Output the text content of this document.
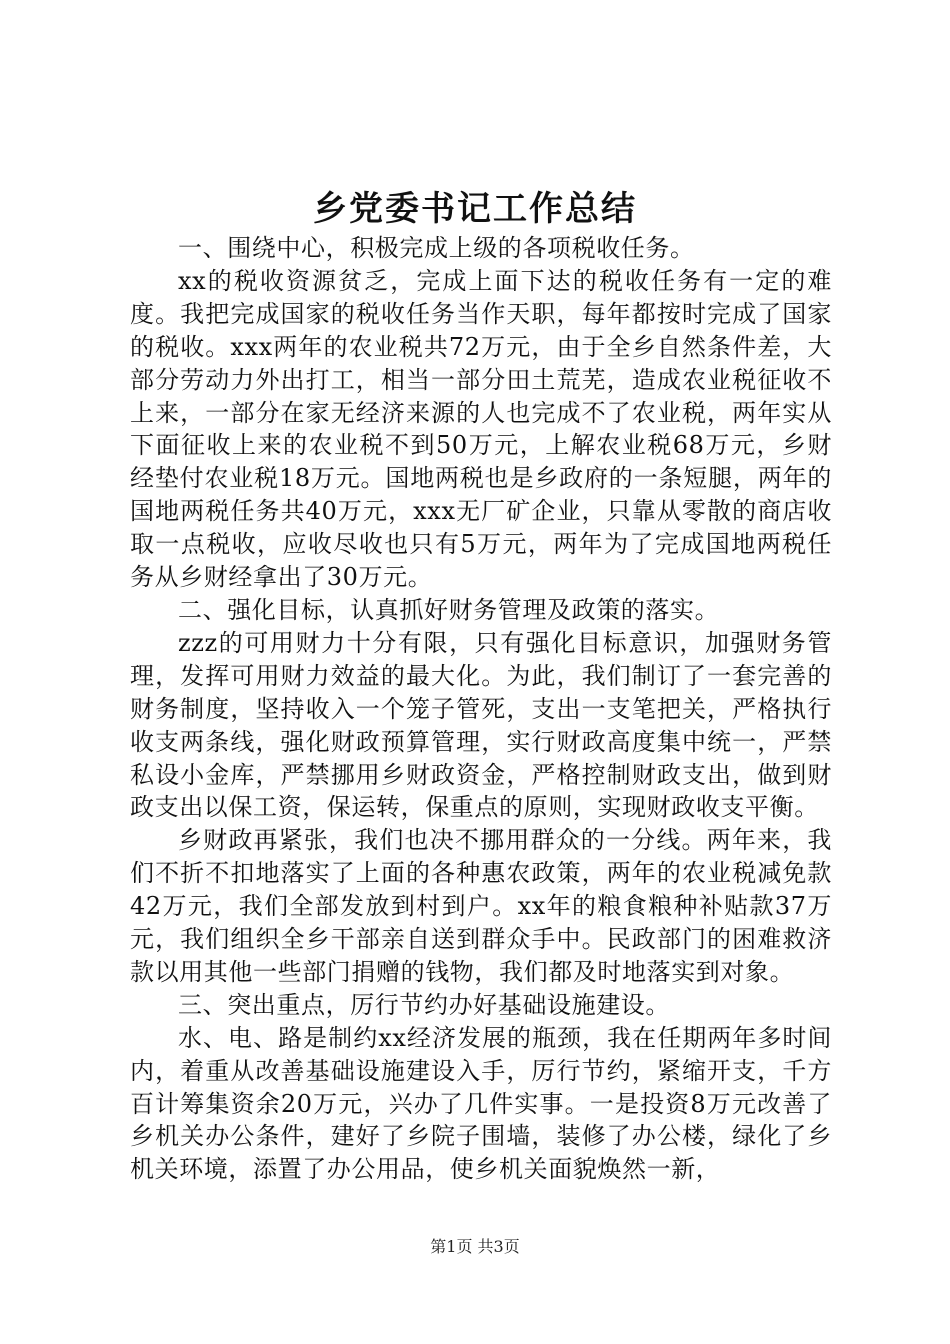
乡党委书记工作总结

一、围绕中心，积极完成上级的各项税收任务。

xx的税收资源贫乏，完成上面下达的税收任务有一定的难度。我把完成国家的税收任务当作天职，每年都按时完成了国家的税收。xxx两年的农业税共72万元，由于全乡自然条件差，大部分劳动力外出打工，相当一部分田土荒芜，造成农业税征收不上来，一部分在家无经济来源的人也完成不了农业税，两年实从下面征收上来的农业税不到50万元，上解农业税68万元，乡财经垫付农业税18万元。国地两税也是乡政府的一条短腿，两年的国地两税任务共40万元，xxx无厂矿企业，只靠从零散的商店收取一点税收，应收尽收也只有5万元，两年为了完成国地两税任务从乡财经拿出了30万元。

二、强化目标，认真抓好财务管理及政策的落实。

zzz的可用财力十分有限，只有强化目标意识，加强财务管理，发挥可用财力效益的最大化。为此，我们制订了一套完善的财务制度，坚持收入一个笼子管死，支出一支笔把关，严格执行收支两条线，强化财政预算管理，实行财政高度集中统一，严禁私设小金库，严禁挪用乡财政资金，严格控制财政支出，做到财政支出以保工资，保运转，保重点的原则，实现财政收支平衡。

乡财政再紧张，我们也决不挪用群众的一分线。两年来，我们不折不扣地落实了上面的各种惠农政策，两年的农业税减免款42万元，我们全部发放到村到户。xx年的粮食粮种补贴款37万元，我们组织全乡干部亲自送到群众手中。民政部门的困难救济款以用其他一些部门捐赠的钱物，我们都及时地落实到对象。

三、突出重点，厉行节约办好基础设施建设。

水、电、路是制约xx经济发展的瓶颈，我在任期两年多时间内，着重从改善基础设施建设入手，厉行节约，紧缩开支，千方百计筹集资余20万元，兴办了几件实事。一是投资8万元改善了乡机关办公条件，建好了乡院子围墙，装修了办公楼，绿化了乡机关环境，添置了办公用品，使乡机关面貌焕然一新，

第1页 共3页
